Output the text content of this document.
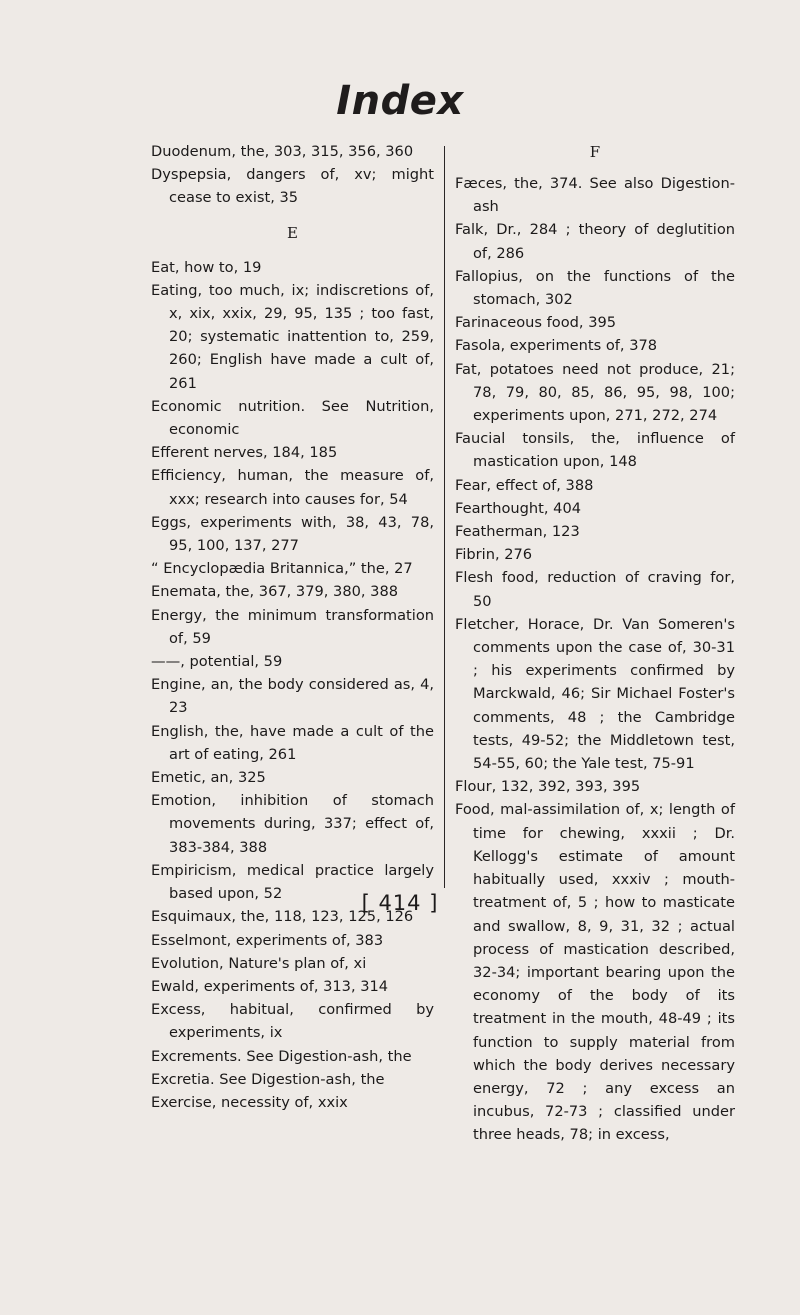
Index

Duodenum, the, 303, 315, 356, 360

Dyspepsia, dangers of, xv; might cease to exist, 35

E

Eat, how to, 19

Eating, too much, ix; indiscretions of, x, xix, xxix, 29, 95, 135 ; too fast, 20; systematic inattention to, 259, 260; English have made a cult of, 261

Economic nutrition. See Nutrition, economic

Efferent nerves, 184, 185

Efficiency, human, the measure of, xxx; research into causes for, 54

Eggs, experiments with, 38, 43, 78, 95, 100, 137, 277

“ Encyclopædia Britannica,” the, 27

Enemata, the, 367, 379, 380, 388

Energy, the minimum transformation of, 59

——, potential, 59

Engine, an, the body considered as, 4, 23

English, the, have made a cult of the art of eating, 261

Emetic, an, 325

Emotion, inhibition of stomach movements during, 337; effect of, 383-384, 388

Empiricism, medical practice largely based upon, 52

Esquimaux, the, 118, 123, 125, 126

Esselmont, experiments of, 383

Evolution, Nature's plan of, xi

Ewald, experiments of, 313, 314

Excess, habitual, confirmed by experiments, ix

Excrements. See Digestion-ash, the

Excretia. See Digestion-ash, the

Exercise, necessity of, xxix

F

Fæces, the, 374. See also Digestion-ash

Falk, Dr., 284 ; theory of deglutition of, 286

Fallopius, on the functions of the stomach, 302

Farinaceous food, 395

Fasola, experiments of, 378

Fat, potatoes need not produce, 21; 78, 79, 80, 85, 86, 95, 98, 100; experiments upon, 271, 272, 274

Faucial tonsils, the, influence of mastication upon, 148

Fear, effect of, 388

Fearthought, 404

Featherman, 123

Fibrin, 276

Flesh food, reduction of craving for, 50

Fletcher, Horace, Dr. Van Someren's comments upon the case of, 30-31 ; his experiments confirmed by Marckwald, 46; Sir Michael Foster's comments, 48 ; the Cambridge tests, 49-52; the Middletown test, 54-55, 60; the Yale test, 75-91

Flour, 132, 392, 393, 395

Food, mal-assimilation of, x; length of time for chewing, xxxii ; Dr. Kellogg's estimate of amount habitually used, xxxiv ; mouth-treatment of, 5 ; how to masticate and swallow, 8, 9, 31, 32 ; actual process of mastication described, 32-34; important bearing upon the economy of the body of its treatment in the mouth, 48-49 ; its function to supply material from which the body derives necessary energy, 72 ; any excess an incubus, 72-73 ; classified under three heads, 78; in excess,

[ 414 ]
